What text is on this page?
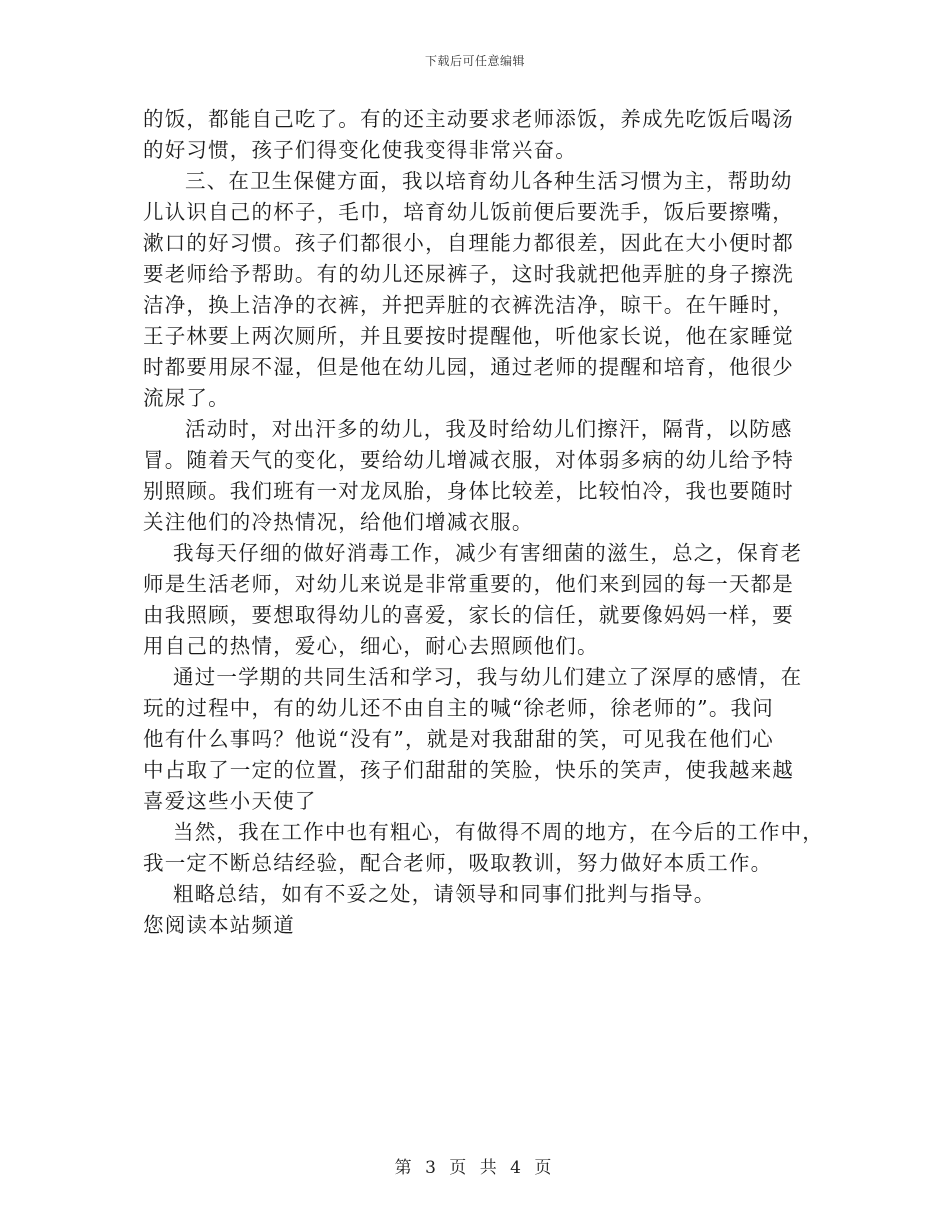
下载后可任意编辑
的饭，都能自己吃了。有的还主动要求老师添饭，养成先吃饭后喝汤
的好习惯，孩子们得变化使我变得非常兴奋。
三、在卫生保健方面，我以培育幼儿各种生活习惯为主，帮助幼
儿认识自己的杯子，毛巾，培育幼儿饭前便后要洗手，饭后要擦嘴，
漱口的好习惯。孩子们都很小，自理能力都很差，因此在大小便时都
要老师给予帮助。有的幼儿还尿裤子，这时我就把他弄脏的身子擦洗
洁净，换上洁净的衣裤，并把弄脏的衣裤洗洁净，晾干。在午睡时，
王子林要上两次厕所，并且要按时提醒他，听他家长说，他在家睡觉
时都要用尿不湿，但是他在幼儿园，通过老师的提醒和培育，他很少
流尿了。
活动时，对出汗多的幼儿，我及时给幼儿们擦汗，隔背，以防感
冒。随着天气的变化，要给幼儿增减衣服，对体弱多病的幼儿给予特
别照顾。我们班有一对龙凤胎，身体比较差，比较怕冷，我也要随时
关注他们的冷热情况，给他们增减衣服。
我每天仔细的做好消毒工作，减少有害细菌的滋生，总之，保育老
师是生活老师，对幼儿来说是非常重要的，他们来到园的每一天都是
由我照顾，要想取得幼儿的喜爱，家长的信任，就要像妈妈一样，要
用自己的热情，爱心，细心，耐心去照顾他们。
通过一学期的共同生活和学习，我与幼儿们建立了深厚的感情，在
玩的过程中，有的幼儿还不由自主的喊“徐老师，徐老师的”。我问
他有什么事吗？他说“没有”，就是对我甜甜的笑，可见我在他们心
中占取了一定的位置，孩子们甜甜的笑脸，快乐的笑声，使我越来越
喜爱这些小天使了
当然，我在工作中也有粗心，有做得不周的地方，在今后的工作中，
我一定不断总结经验，配合老师，吸取教训，努力做好本质工作。
粗略总结，如有不妥之处，请领导和同事们批判与指导。
您阅读本站频道
第 3 页 共 4 页
